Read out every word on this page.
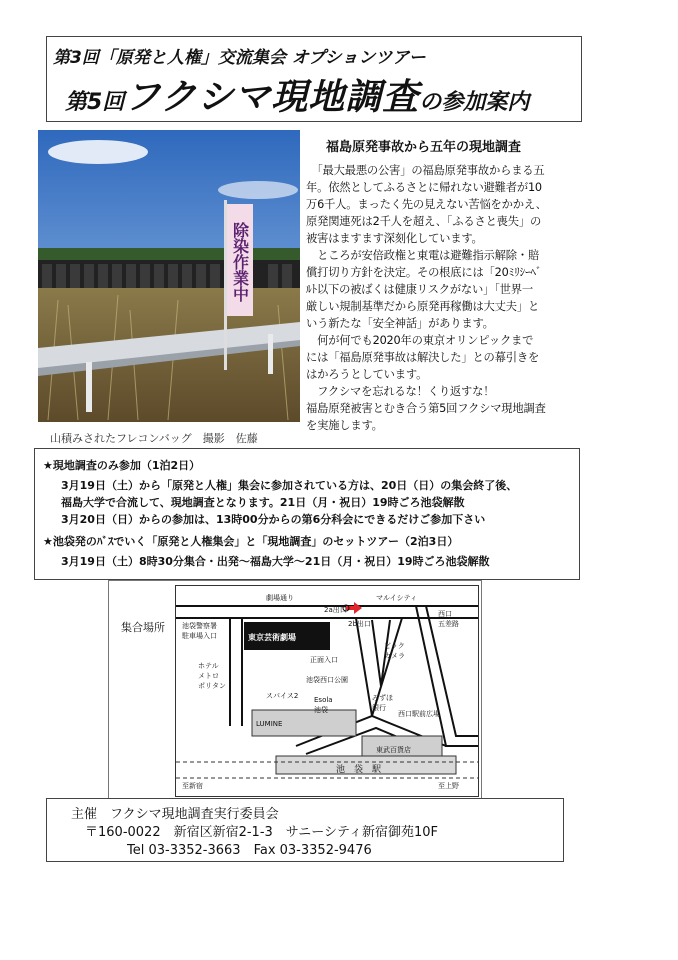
第3回「原発と人権」交流集会 オプションツアー
第5回フクシマ現地調査の参加案内
除染作業中
山積みされたフレコンバッグ　撮影　佐藤
福島原発事故から五年の現地調査
　「最大最悪の公害」の福島原発事故からまる五
年。依然としてふるさとに帰れない避難者が10
万6千人。まったく先の見えない苦悩をかかえ、
原発関連死は2千人を超え、「ふるさと喪失」の
被害はますます深刻化しています。
　ところが安倍政権と東電は避難指示解除・賠
償打切り方針を決定。その根底には「20ﾐﾘｼｰﾍﾞ
ﾙﾄ以下の被ばくは健康リスクがない」「世界一
厳しい規制基準だから原発再稼働は大丈夫」と
いう新たな「安全神話」があります。
　何が何でも2020年の東京オリンピックまで
には「福島原発事故は解決した」との幕引きを
はかろうとしています。
　フクシマを忘れるな！くり返すな！
福島原発被害とむき合う第5回フクシマ現地調査
を実施します。
★現地調査のみ参加（1泊2日）
3月19日（土）から「原発と人権」集会に参加されている方は、20日（日）の集会終了後、
福島大学で合流して、現地調査となります。21日（月・祝日）19時ごろ池袋解散
3月20日（日）からの参加は、13時00分からの第6分科会にできるだけご参加下さい
★池袋発のﾊﾞｽでいく「原発と人権集会」と「現地調査」のセットツアー（2泊3日）
3月19日（土）8時30分集合・出発～福島大学～21日（月・祝日）19時ごろ池袋解散
集合場所
劇場通り	マルイシティ
西口
五差路
2a出口
2b出口
池袋警察署
駐車場入口	東京芸術劇場
正面入口
ビック
カメラ
ホテル
メトロ
ポリタン
池袋西口公園
スパイス2 Esola
池袋
みずほ
銀行
西口駅前広場
LUMINE
東武百貨店
池　袋　駅
至新宿	至上野
主催　フクシマ現地調査実行委員会
〒160-0022　新宿区新宿2-1-3　サニーシティ新宿御苑10F
Tel 03-3352-3663　Fax 03-3352-9476
